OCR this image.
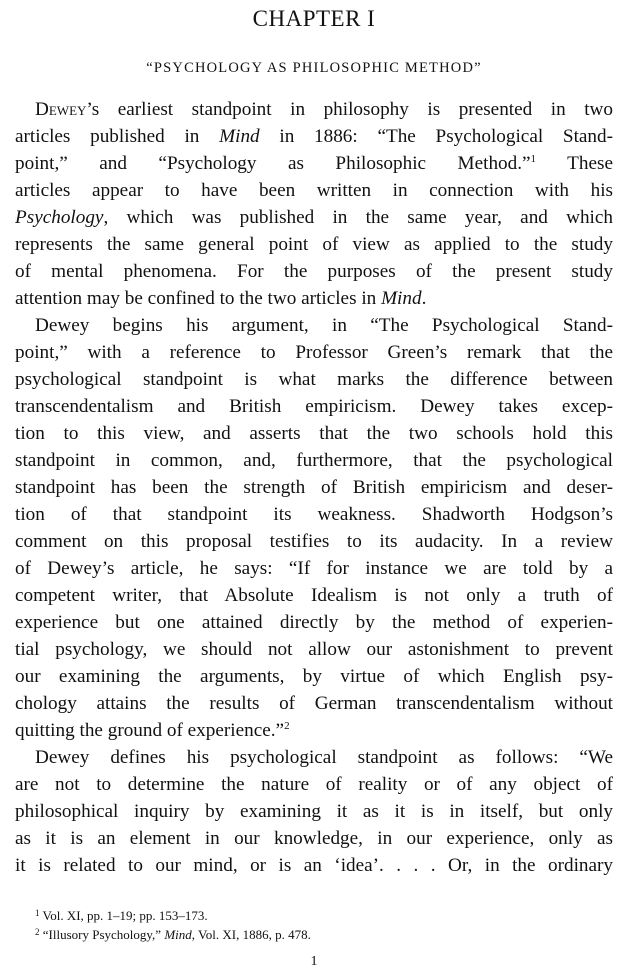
CHAPTER I
“PSYCHOLOGY AS PHILOSOPHIC METHOD”
Dewey’s earliest standpoint in philosophy is presented in two
articles published in Mind in 1886: “The Psychological Stand-
point,” and “Psychology as Philosophic Method.”$^1$ These
articles appear to have been written in connection with his
Psychology, which was published in the same year, and which
represents the same general point of view as applied to the study
of mental phenomena. For the purposes of the present study
attention may be confined to the two articles in Mind.
Dewey begins his argument, in “The Psychological Stand-
point,” with a reference to Professor Green’s remark that the
psychological standpoint is what marks the difference between
transcendentalism and British empiricism. Dewey takes excep-
tion to this view, and asserts that the two schools hold this
standpoint in common, and, furthermore, that the psychological
standpoint has been the strength of British empiricism and deser-
tion of that standpoint its weakness. Shadworth Hodgson’s
comment on this proposal testifies to its audacity. In a review
of Dewey’s article, he says: “If for instance we are told by a
competent writer, that Absolute Idealism is not only a truth of
experience but one attained directly by the method of experien-
tial psychology, we should not allow our astonishment to prevent
our examining the arguments, by virtue of which English psy-
chology attains the results of German transcendentalism without
quitting the ground of experience.”$^2$
Dewey defines his psychological standpoint as follows: “We
are not to determine the nature of reality or of any object of
philosophical inquiry by examining it as it is in itself, but only
as it is an element in our knowledge, in our experience, only as
it is related to our mind, or is an ‘idea’. . . . Or, in the ordinary
$^1$ Vol. XI, pp. 1–19; pp. 153–173.
$^2$ “Illusory Psychology,” Mind, Vol. XI, 1886, p. 478.
1
